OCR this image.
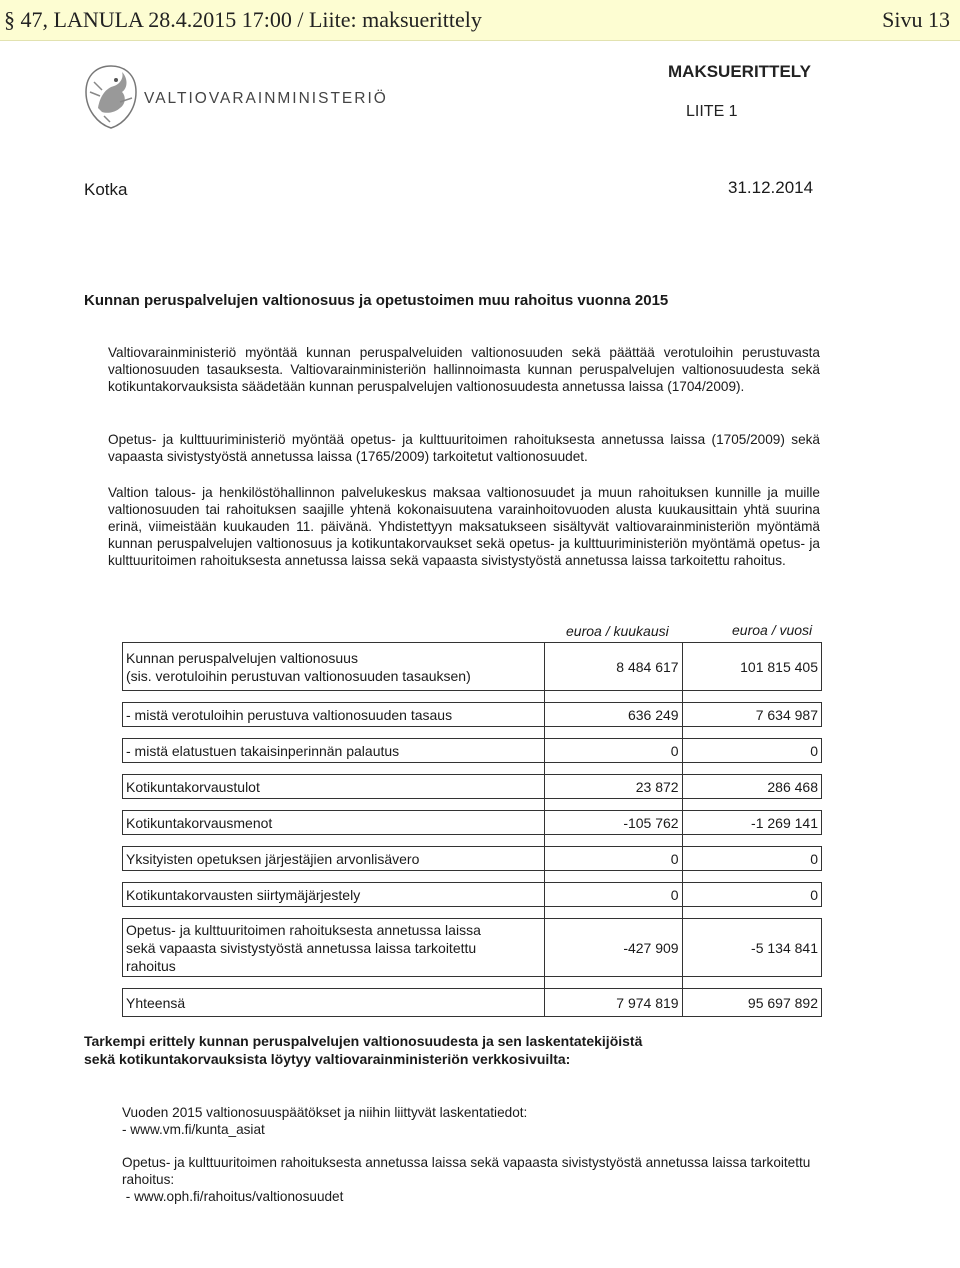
§ 47, LANULA 28.4.2015 17:00 / Liite: maksuerittely	Sivu 13
VALTIOVARAINMINISTERIÖ
MAKSUERITTELY
LIITE 1
Kotka	31.12.2014
Kunnan peruspalvelujen valtionosuus ja opetustoimen muu rahoitus vuonna 2015
Valtiovarainministeriö myöntää kunnan peruspalveluiden valtionosuuden sekä päättää verotuloihin perustuvasta valtionosuuden tasauksesta. Valtiovarainministeriön hallinnoimasta kunnan peruspalvelujen valtionosuudesta sekä kotikuntakorvauksista säädetään kunnan peruspalvelujen valtionosuudesta annetussa laissa (1704/2009).
Opetus- ja kulttuuriministeriö myöntää opetus- ja kulttuuritoimen rahoituksesta annetussa laissa (1705/2009) sekä vapaasta sivistystyöstä annetussa laissa (1765/2009) tarkoitetut valtionosuudet.
Valtion talous- ja henkilöstöhallinnon palvelukeskus maksaa valtionosuudet ja muun rahoituksen kunnille ja muille valtionosuuden tai rahoituksen saajille yhtenä kokonaisuutena varainhoitovuoden alusta kuukausittain yhtä suurina erinä, viimeistään kuukauden 11. päivänä. Yhdistettyyn maksatukseen sisältyvät valtiovarainministeriön myöntämä kunnan peruspalvelujen valtionosuus ja kotikuntakorvaukset sekä opetus- ja kulttuuriministeriön myöntämä opetus- ja kulttuuritoimen rahoituksesta annetussa laissa sekä vapaasta sivistystyöstä annetussa laissa tarkoitettu rahoitus.
euroa / kuukausi	euroa / vuosi
Kunnan peruspalvelujen valtionosuus
(sis. verotuloihin perustuvan valtionosuuden tasauksen)	8 484 617	101 815 405

- mistä verotuloihin perustuva valtionosuuden tasaus	636 249	7 634 987

- mistä elatustuen takaisinperinnän palautus	0	0

Kotikuntakorvaustulot	23 872	286 468

Kotikuntakorvausmenot	-105 762	-1 269 141

Yksityisten opetuksen järjestäjien arvonlisävero	0	0

Kotikuntakorvausten siirtymäjärjestely	0	0

Opetus- ja kulttuuritoimen rahoituksesta annetussa laissa
sekä vapaasta sivistystyöstä annetussa laissa tarkoitettu
rahoitus	-427 909	-5 134 841

Yhteensä	7 974 819	95 697 892
Tarkempi erittely kunnan peruspalvelujen valtionosuudesta ja sen laskentatekijöistä
sekä kotikuntakorvauksista löytyy valtiovarainministeriön verkkosivuilta:
Vuoden 2015 valtionosuuspäätökset ja niihin liittyvät laskentatiedot:
- www.vm.fi/kunta_asiat
Opetus- ja kulttuuritoimen rahoituksesta annetussa laissa sekä vapaasta sivistystyöstä annetussa laissa tarkoitettu rahoitus:
- www.oph.fi/rahoitus/valtionosuudet
